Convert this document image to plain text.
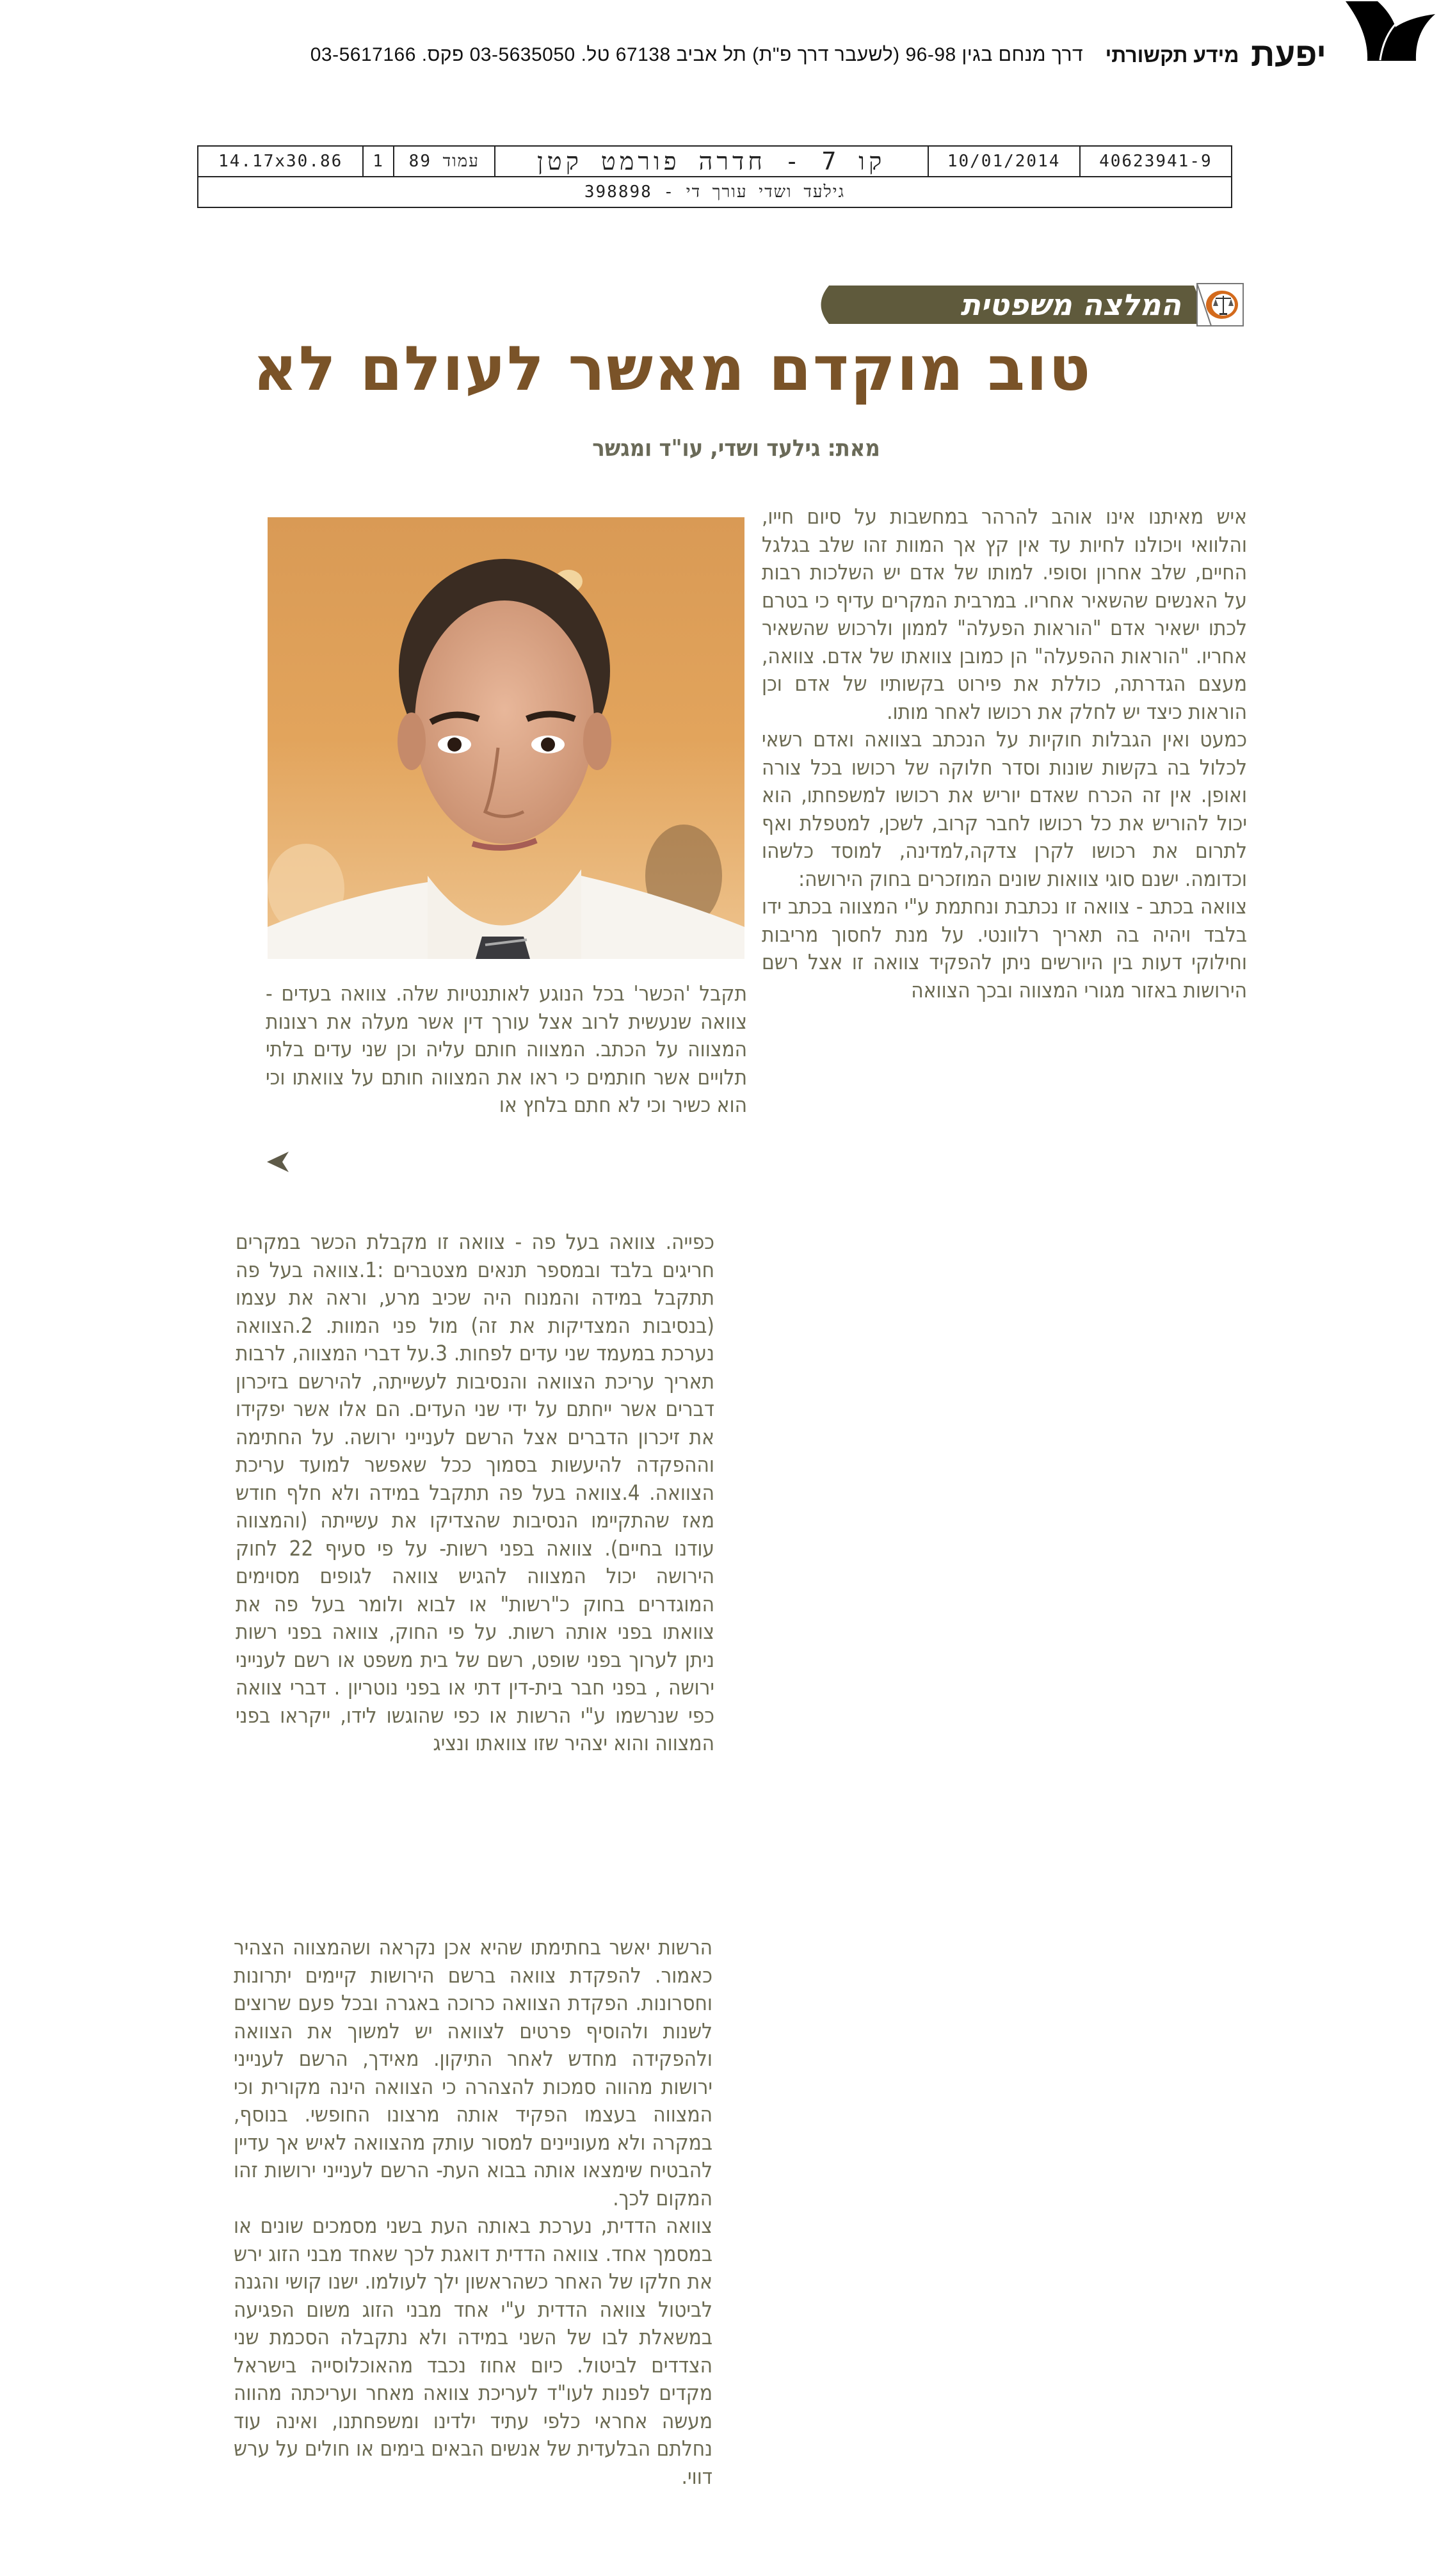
יפעת מידע תקשורתי דרך מנחם בגין 96-98 (לשעבר דרך פ"ת) תל אביב 67138 טל. 03-5635050 פקס. 03-5617166
40623941-9	10/01/2014	קו 7 - חדרה פורמט קטן	עמוד 89	1	14.17x30.86
גילעד ושדי עורך די - 398898
המלצה משפטית
טוב מוקדם מאשר לעולם לא
מאת: גילעד ושדי, עו"ד ומגשר

איש מאיתנו אינו אוהב להרהר במחשבות על סיום חייו, והלוואי ויכולנו לחיות עד אין קץ אך המוות זהו שלב בגלגל החיים, שלב אחרון וסופי. למותו של אדם יש השלכות רבות על האנשים שהשאיר אחריו. במרבית המקרים עדיף כי בטרם לכתו ישאיר אדם "הוראות הפעלה" לממון ולרכוש שהשאיר אחריו. "הוראות ההפעלה" הן כמובן צוואתו של אדם. צוואה, מעצם הגדרתה, כוללת את פירוט בקשותיו של אדם וכן הוראות כיצד יש לחלק את רכושו לאחר מותו.

כמעט ואין הגבלות חוקיות על הנכתב בצוואה ואדם רשאי לכלול בה בקשות שונות וסדר חלוקה של רכושו בכל צורה ואופן. אין זה הכרח שאדם יוריש את רכושו למשפחתו, הוא יכול להוריש את כל רכושו לחבר קרוב, לשכן, למטפלת ואף לתרום את רכושו לקרן צדקה,למדינה, למוסד כלשהו וכדומה. ישנם סוגי צוואות שונים המוזכרים בחוק הירושה:

צוואה בכתב - צוואה זו נכתבת ונחתמת ע"י המצווה בכתב ידו בלבד ויהיה בה תאריך רלוונטי. על מנת לחסוך מריבות וחילוקי דעות בין היורשים ניתן להפקיד צוואה זו אצל רשם הירושות באזור מגורי המצווה ובכך הצוואה

תקבל 'הכשר' בכל הנוגע לאותנטיות שלה. צוואה בעדים - צוואה שנעשית לרוב אצל עורך דין אשר מעלה את רצונות המצווה על הכתב. המצווה חותם עליה וכן שני עדים בלתי תלויים אשר חותמים כי ראו את המצווה חותם על צוואתו וכי הוא כשיר וכי לא חתם בלחץ או

כפייה. צוואה בעל פה - צוואה זו מקבלת הכשר במקרים חריגים בלבד ובמספר תנאים מצטברים :1.צוואה בעל פה תתקבל במידה והמנוח היה שכיב מרע, וראה את עצמו (בנסיבות המצדיקות את זה) מול פני המוות. 2.הצוואה נערכת במעמד שני עדים לפחות. 3.על דברי המצווה, לרבות תאריך עריכת הצוואה והנסיבות לעשייתה, להירשם בזיכרון דברים אשר ייחתם על ידי שני העדים. הם אלו אשר יפקידו את זיכרון הדברים אצל הרשם לענייני ירושה. על החתימה וההפקדה להיעשות בסמוך ככל שאפשר למועד עריכת הצוואה. 4.צוואה בעל פה תתקבל במידה ולא חלף חודש מאז שהתקיימו הנסיבות שהצדיקו את עשייתה (והמצווה עודנו בחיים). צוואה בפני רשות- על פי סעיף 22 לחוק הירושה יכול המצווה להגיש צוואה לגופים מסוימים המוגדרים בחוק כ"רשות" או לבוא ולומר בעל פה את צוואתו בפני אותה רשות. על פי החוק, צוואה בפני רשות ניתן לערוך בפני שופט, רשם של בית משפט או רשם לענייני ירושה , בפני חבר בית-דין דתי או בפני נוטריון . דברי צוואה כפי שנרשמו ע"י הרשות או כפי שהוגשו לידו, ייקראו בפני המצווה והוא יצהיר שזו צוואתו ונציג

הרשות יאשר בחתימתו שהיא אכן נקראה ושהמצווה הצהיר כאמור. להפקדת צוואה ברשם הירושות קיימים יתרונות וחסרונות. הפקדת הצוואה כרוכה באגרה ובכל פעם שרוצים לשנות ולהוסיף פרטים לצוואה יש למשוך את הצוואה ולהפקידה מחדש לאחר התיקון. מאידך, הרשם לענייני ירושות מהווה סמכות להצהרה כי הצוואה הינה מקורית וכי המצווה בעצמו הפקיד אותה מרצונו החופשי. בנוסף, במקרה ולא מעוניינים למסור עותק מהצוואה לאיש אך עדיין להבטיח שימצאו אותה בבוא העת- הרשם לענייני ירושות זהו המקום לכך.

צוואה הדדית, נערכת באותה העת בשני מסמכים שונים או במסמך אחד. צוואה הדדית דואגת לכך שאחד מבני הזוג ירש את חלקו של האחר כשהראשון ילך לעולמו. ישנו קושי והגנה לביטול צוואה הדדית ע"י אחד מבני הזוג משום הפגיעה במשאלת לבו של השני במידה ולא נתקבלה הסכמת שני הצדדים לביטול. כיום אחוז נכבד מהאוכלוסייה בישראל מקדים לפנות לעו"ד לעריכת צוואה מאחר ועריכתה מהווה מעשה אחראי כלפי עתיד ילדינו ומשפחתנו, ואינה עוד נחלתם הבלעדית של אנשים הבאים בימים או חולים על ערש דווי.
